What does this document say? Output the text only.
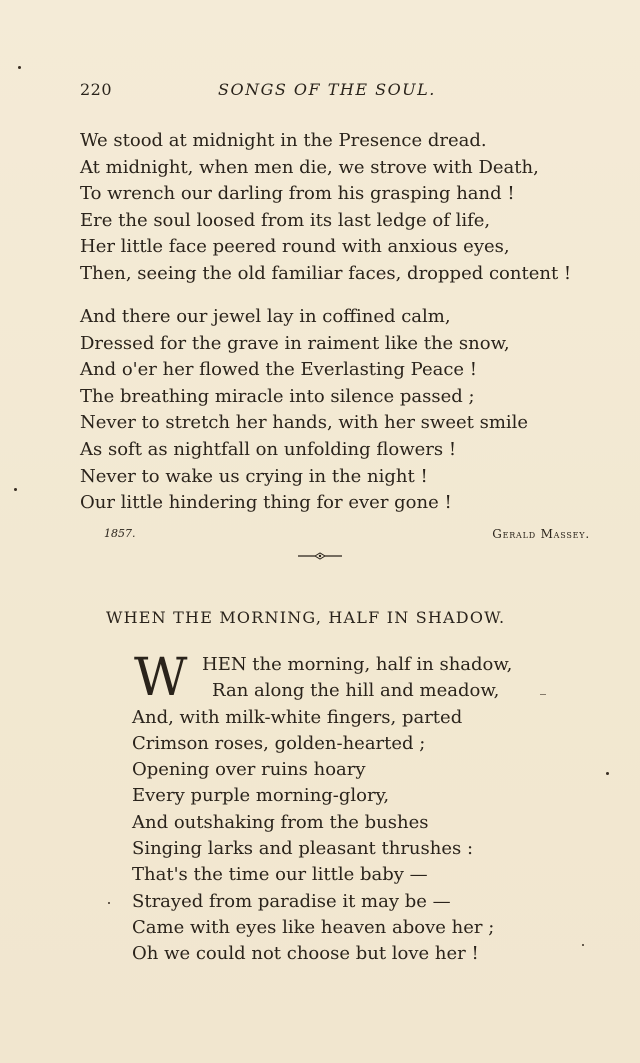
220	SONGS OF THE SOUL.
We stood at midnight in the Presence dread.
At midnight, when men die, we strove with Death,
To wrench our darling from his grasping hand !
Ere the soul loosed from its last ledge of life,
Her little face peered round with anxious eyes,
Then, seeing the old familiar faces, dropped content !
And there our jewel lay in coffined calm,
Dressed for the grave in raiment like the snow,
And o'er her flowed the Everlasting Peace !
The breathing miracle into silence passed ;
Never to stretch her hands, with her sweet smile
As soft as nightfall on unfolding flowers !
Never to wake us crying in the night !
Our little hindering thing for ever gone !
1857.	Gerald Massey.
WHEN THE MORNING, HALF IN SHADOW.
W HEN the morning, half in shadow,
Ran along the hill and meadow,
And, with milk-white fingers, parted
Crimson roses, golden-hearted ;
Opening over ruins hoary
Every purple morning-glory,
And outshaking from the bushes
Singing larks and pleasant thrushes :
That's the time our little baby —
Strayed from paradise it may be —
Came with eyes like heaven above her ;
Oh we could not choose but love her !
